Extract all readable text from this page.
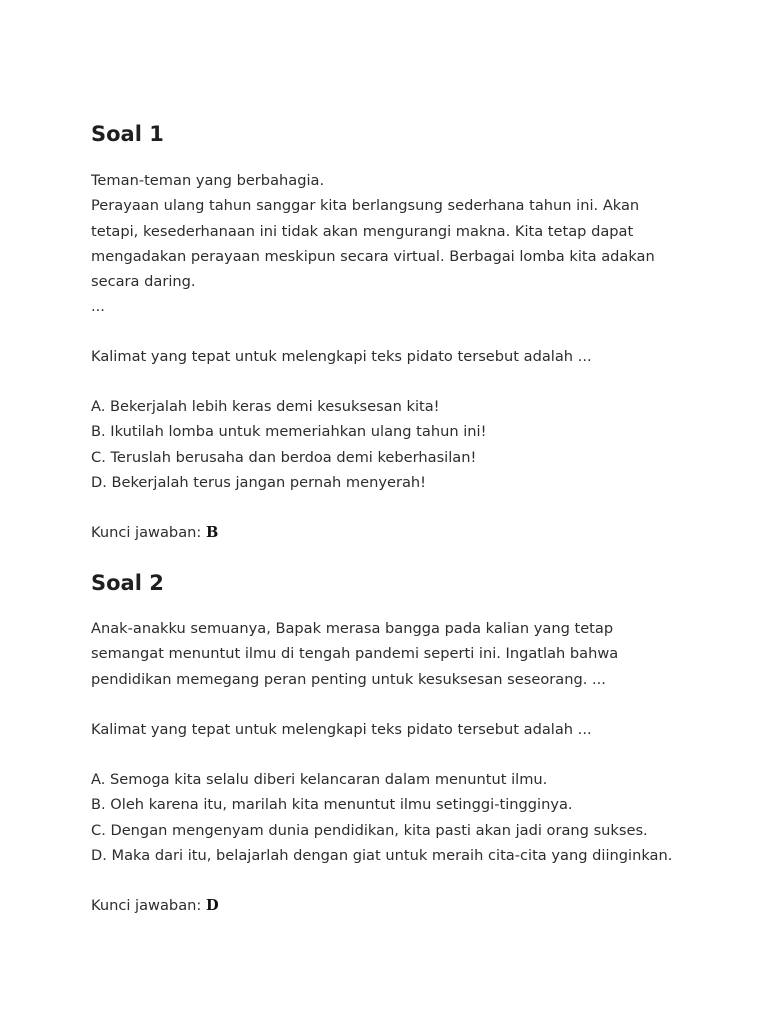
Soal 1

Teman-teman yang berbahagia.
Perayaan ulang tahun sanggar kita berlangsung sederhana tahun ini. Akan
tetapi, kesederhanaan ini tidak akan mengurangi makna. Kita tetap dapat
mengadakan perayaan meskipun secara virtual. Berbagai lomba kita adakan
secara daring.
...

Kalimat yang tepat untuk melengkapi teks pidato tersebut adalah ...

A. Bekerjalah lebih keras demi kesuksesan kita!
B. Ikutilah lomba untuk memeriahkan ulang tahun ini!
C. Teruslah berusaha dan berdoa demi keberhasilan!
D. Bekerjalah terus jangan pernah menyerah!

Kunci jawaban: B

Soal 2

Anak-anakku semuanya, Bapak merasa bangga pada kalian yang tetap
semangat menuntut ilmu di tengah pandemi seperti ini. Ingatlah bahwa
pendidikan memegang peran penting untuk kesuksesan seseorang. ...

Kalimat yang tepat untuk melengkapi teks pidato tersebut adalah ...

A. Semoga kita selalu diberi kelancaran dalam menuntut ilmu.
B. Oleh karena itu, marilah kita menuntut ilmu setinggi-tingginya.
C. Dengan mengenyam dunia pendidikan, kita pasti akan jadi orang sukses.
D. Maka dari itu, belajarlah dengan giat untuk meraih cita-cita yang diinginkan.

Kunci jawaban: D
